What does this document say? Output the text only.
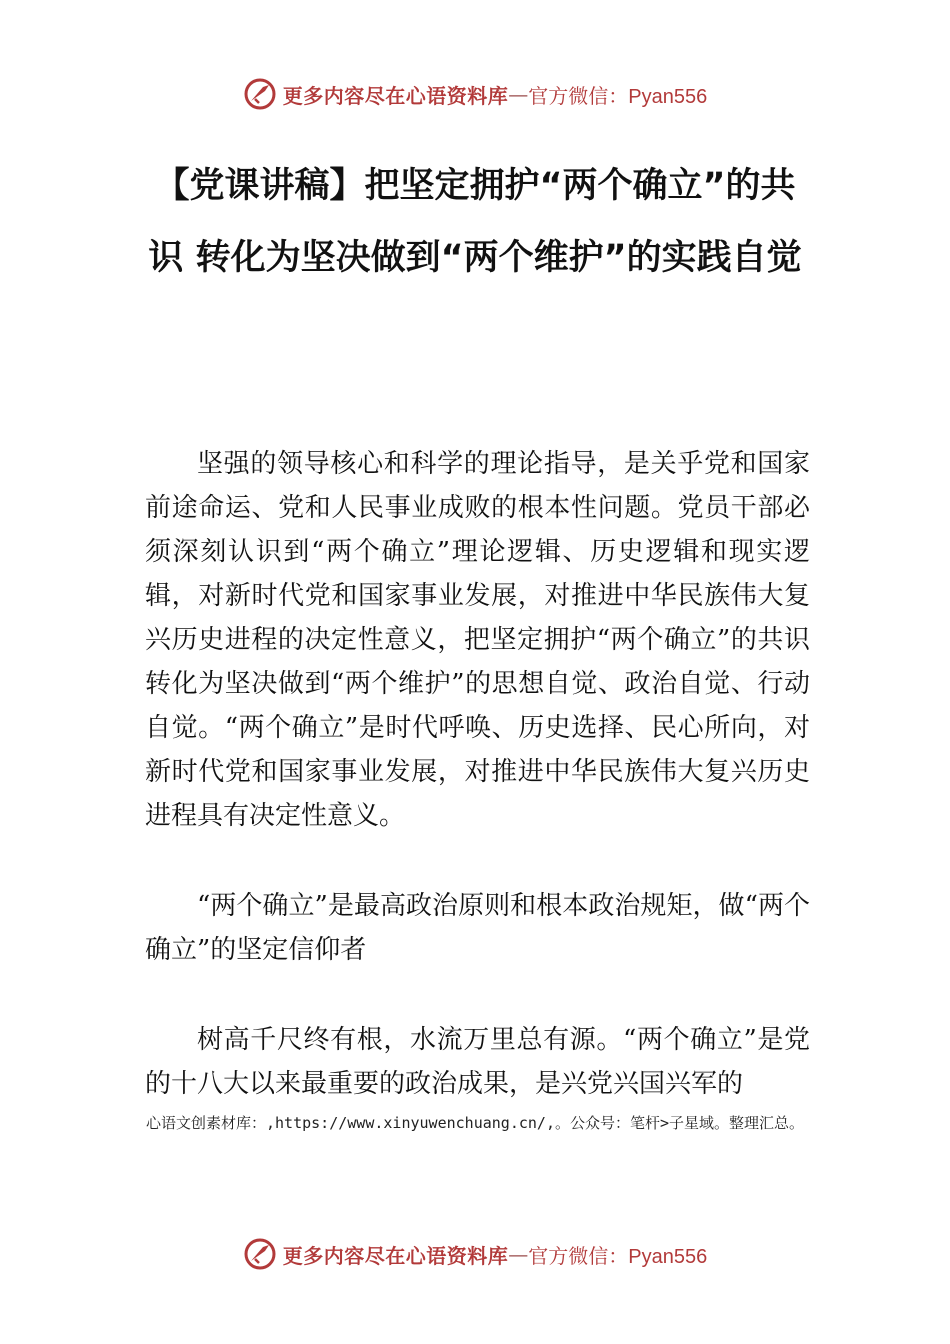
更多内容尽在心语资料库 — 官方微信：Pyan556
【党课讲稿】把坚定拥护“两个确立”的共识 转化为坚决做到“两个维护”的实践自觉

坚强的领导核心和科学的理论指导，是关乎党和国家前途命运、党和人民事业成败的根本性问题。党员干部必须深刻认识到“两个确立”理论逻辑、历史逻辑和现实逻辑，对新时代党和国家事业发展，对推进中华民族伟大复兴历史进程的决定性意义，把坚定拥护“两个确立”的共识转化为坚决做到“两个维护”的思想自觉、政治自觉、行动自觉。“两个确立”是时代呼唤、历史选择、民心所向，对新时代党和国家事业发展，对推进中华民族伟大复兴历史进程具有决定性意义。

“两个确立”是最高政治原则和根本政治规矩，做“两个确立”的坚定信仰者

树高千尺终有根，水流万里总有源。“两个确立”是党的十八大以来最重要的政治成果，是兴党兴国兴军的

心语文创素材库：,https://www.xinyuwenchuang.cn/,。公众号：笔杆>子星域。整理汇总。
更多内容尽在心语资料库 — 官方微信：Pyan556
